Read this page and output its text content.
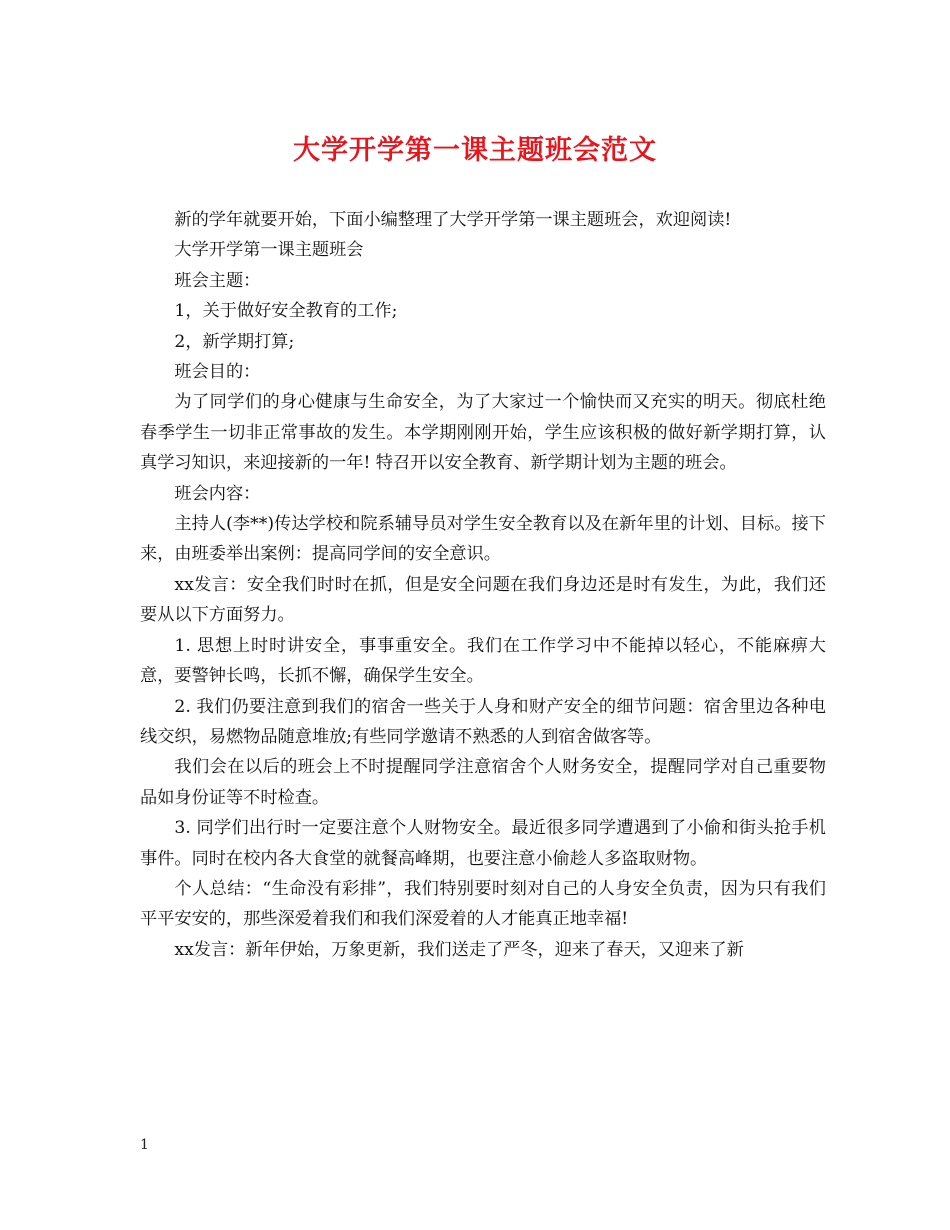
大学开学第一课主题班会范文

新的学年就要开始，下面小编整理了大学开学第一课主题班会，欢迎阅读!

大学开学第一课主题班会

班会主题：

1，关于做好安全教育的工作;

2，新学期打算;

班会目的：

为了同学们的身心健康与生命安全，为了大家过一个愉快而又充实的明天。彻底杜绝春季学生一切非正常事故的发生。本学期刚刚开始，学生应该积极的做好新学期打算，认真学习知识，来迎接新的一年! 特召开以安全教育、新学期计划为主题的班会。

班会内容：

主持人(李**)传达学校和院系辅导员对学生安全教育以及在新年里的计划、目标。接下来，由班委举出案例：提高同学间的安全意识。

xx发言：安全我们时时在抓，但是安全问题在我们身边还是时有发生，为此，我们还要从以下方面努力。

1. 思想上时时讲安全，事事重安全。我们在工作学习中不能掉以轻心，不能麻痹大意，要警钟长鸣，长抓不懈，确保学生安全。

2. 我们仍要注意到我们的宿舍一些关于人身和财产安全的细节问题：宿舍里边各种电线交织，易燃物品随意堆放;有些同学邀请不熟悉的人到宿舍做客等。

我们会在以后的班会上不时提醒同学注意宿舍个人财务安全，提醒同学对自己重要物品如身份证等不时检查。

3. 同学们出行时一定要注意个人财物安全。最近很多同学遭遇到了小偷和街头抢手机事件。同时在校内各大食堂的就餐高峰期，也要注意小偷趁人多盗取财物。

个人总结：“生命没有彩排”，我们特别要时刻对自己的人身安全负责，因为只有我们平平安安的，那些深爱着我们和我们深爱着的人才能真正地幸福!

xx发言：新年伊始，万象更新，我们送走了严冬，迎来了春天，又迎来了新

1
